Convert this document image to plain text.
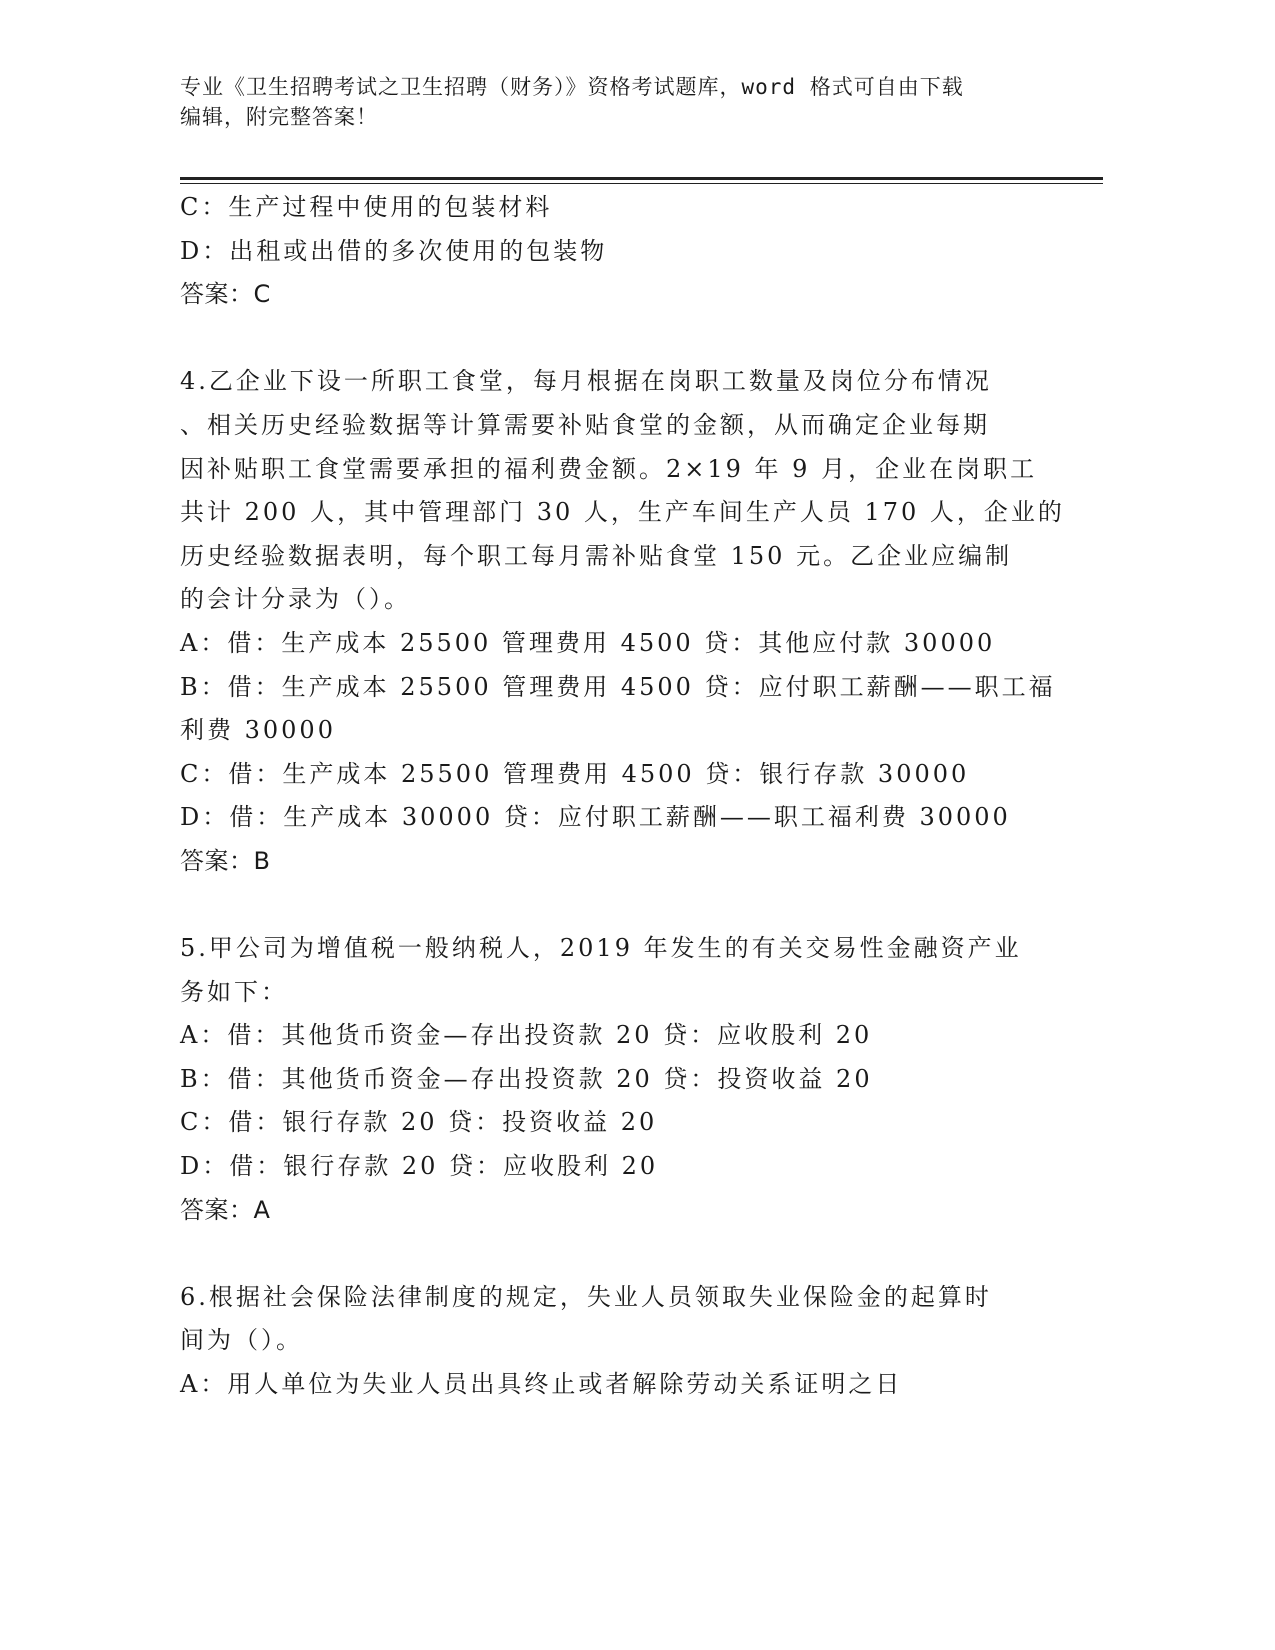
专业《卫生招聘考试之卫生招聘（财务）》资格考试题库，word 格式可自由下载
编辑，附完整答案！
C：生产过程中使用的包装材料
D：出租或出借的多次使用的包装物
答案：C
4.乙企业下设一所职工食堂，每月根据在岗职工数量及岗位分布情况
、相关历史经验数据等计算需要补贴食堂的金额，从而确定企业每期
因补贴职工食堂需要承担的福利费金额。2×19 年 9 月，企业在岗职工
共计 200 人，其中管理部门 30 人，生产车间生产人员 170 人，企业的
历史经验数据表明，每个职工每月需补贴食堂 150 元。乙企业应编制
的会计分录为（）。
A：借：生产成本 25500 管理费用 4500 贷：其他应付款 30000
B：借：生产成本 25500 管理费用 4500 贷：应付职工薪酬——职工福
利费 30000
C：借：生产成本 25500 管理费用 4500 贷：银行存款 30000
D：借：生产成本 30000 贷：应付职工薪酬——职工福利费 30000
答案：B
5.甲公司为增值税一般纳税人，2019 年发生的有关交易性金融资产业
务如下：
A：借：其他货币资金—存出投资款 20 贷：应收股利 20
B：借：其他货币资金—存出投资款 20 贷：投资收益 20
C：借：银行存款 20 贷：投资收益 20
D：借：银行存款 20 贷：应收股利 20
答案：A
6.根据社会保险法律制度的规定，失业人员领取失业保险金的起算时
间为（）。
A：用人单位为失业人员出具终止或者解除劳动关系证明之日
